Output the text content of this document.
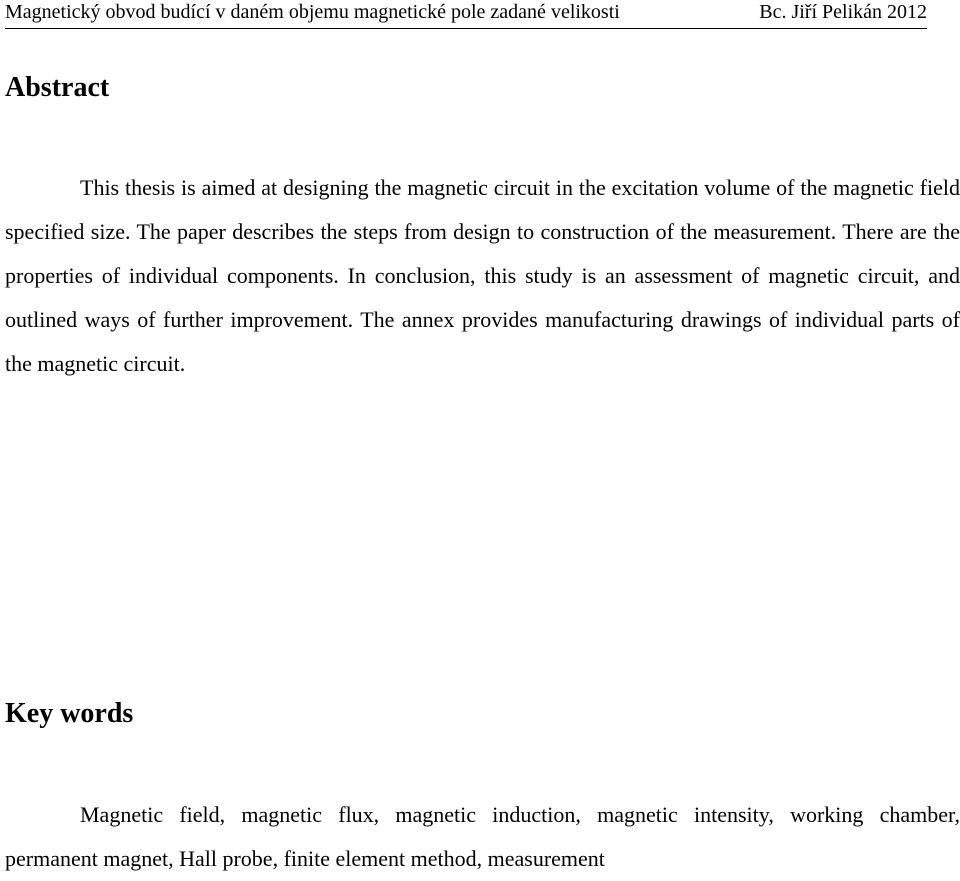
Magnetický obvod budící v daném objemu magnetické pole zadané velikosti	Bc. Jiří Pelikán 2012
Abstract

This thesis is aimed at designing the magnetic circuit in the excitation volume of the magnetic field specified size. The paper describes the steps from design to construction of the measurement. There are the properties of individual components. In conclusion, this study is an assessment of magnetic circuit, and outlined ways of further improvement. The annex provides manufacturing drawings of individual parts of the magnetic circuit.

Key words

Magnetic field, magnetic flux, magnetic induction, magnetic intensity, working chamber, permanent magnet, Hall probe, finite element method, measurement
